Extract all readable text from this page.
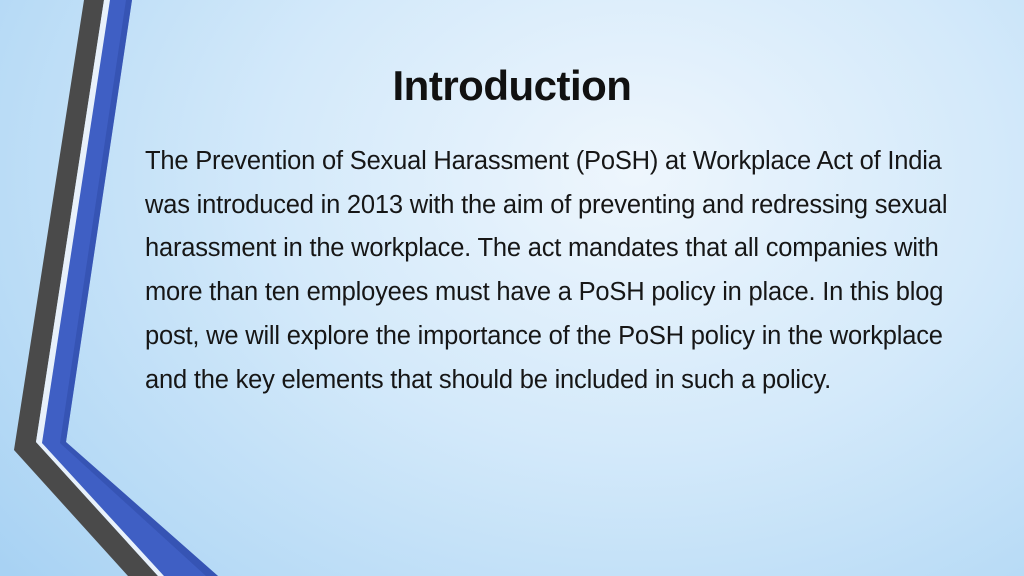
Introduction

The Prevention of Sexual Harassment (PoSH) at Workplace Act of India was introduced in 2013 with the aim of preventing and redressing sexual harassment in the workplace. The act mandates that all companies with more than ten employees must have a PoSH policy in place. In this blog post, we will explore the importance of the PoSH policy in the workplace and the key elements that should be included in such a policy.
